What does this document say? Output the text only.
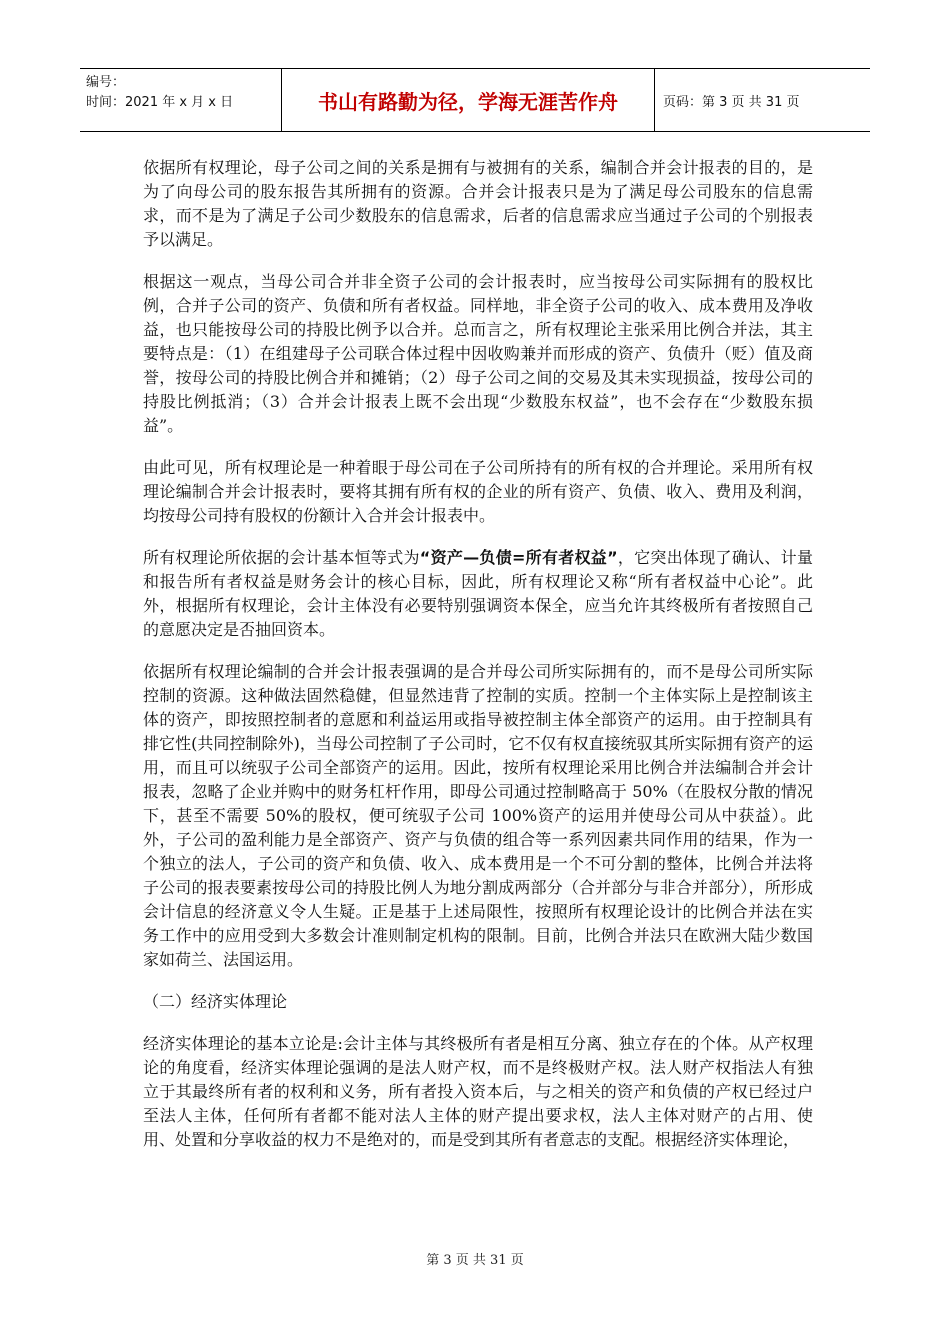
编号：
时间：2021 年 x 月 x 日	书山有路勤为径，学海无涯苦作舟	页码：第 3 页 共 31 页

依据所有权理论，母子公司之间的关系是拥有与被拥有的关系，编制合并会计报表的目的，是为了向母公司的股东报告其所拥有的资源。合并会计报表只是为了满足母公司股东的信息需求，而不是为了满足子公司少数股东的信息需求，后者的信息需求应当通过子公司的个别报表予以满足。

根据这一观点，当母公司合并非全资子公司的会计报表时，应当按母公司实际拥有的股权比例，合并子公司的资产、负债和所有者权益。同样地，非全资子公司的收入、成本费用及净收益，也只能按母公司的持股比例予以合并。总而言之，所有权理论主张采用比例合并法，其主要特点是：（1）在组建母子公司联合体过程中因收购兼并而形成的资产、负债升（贬）值及商誉，按母公司的持股比例合并和摊销；（2）母子公司之间的交易及其未实现损益，按母公司的持股比例抵消；（3）合并会计报表上既不会出现“少数股东权益”，也不会存在“少数股东损益”。

由此可见，所有权理论是一种着眼于母公司在子公司所持有的所有权的合并理论。采用所有权理论编制合并会计报表时，要将其拥有所有权的企业的所有资产、负债、收入、费用及利润，均按母公司持有股权的份额计入合并会计报表中。

所有权理论所依据的会计基本恒等式为“资产—负债=所有者权益”，它突出体现了确认、计量和报告所有者权益是财务会计的核心目标，因此，所有权理论又称“所有者权益中心论”。此外，根据所有权理论，会计主体没有必要特别强调资本保全，应当允许其终极所有者按照自己的意愿决定是否抽回资本。

依据所有权理论编制的合并会计报表强调的是合并母公司所实际拥有的，而不是母公司所实际控制的资源。这种做法固然稳健，但显然违背了控制的实质。控制一个主体实际上是控制该主体的资产，即按照控制者的意愿和利益运用或指导被控制主体全部资产的运用。由于控制具有排它性(共同控制除外)，当母公司控制了子公司时，它不仅有权直接统驭其所实际拥有资产的运用，而且可以统驭子公司全部资产的运用。因此，按所有权理论采用比例合并法编制合并会计报表，忽略了企业并购中的财务杠杆作用，即母公司通过控制略高于 50%（在股权分散的情况下，甚至不需要 50%的股权，便可统驭子公司 100%资产的运用并使母公司从中获益）。此外，子公司的盈利能力是全部资产、资产与负债的组合等一系列因素共同作用的结果，作为一个独立的法人，子公司的资产和负债、收入、成本费用是一个不可分割的整体，比例合并法将子公司的报表要素按母公司的持股比例人为地分割成两部分（合并部分与非合并部分），所形成会计信息的经济意义令人生疑。正是基于上述局限性，按照所有权理论设计的比例合并法在实务工作中的应用受到大多数会计准则制定机构的限制。目前，比例合并法只在欧洲大陆少数国家如荷兰、法国运用。

（二）经济实体理论

经济实体理论的基本立论是:会计主体与其终极所有者是相互分离、独立存在的个体。从产权理论的角度看，经济实体理论强调的是法人财产权，而不是终极财产权。法人财产权指法人有独立于其最终所有者的权利和义务，所有者投入资本后，与之相关的资产和负债的产权已经过户至法人主体，任何所有者都不能对法人主体的财产提出要求权，法人主体对财产的占用、使用、处置和分享收益的权力不是绝对的，而是受到其所有者意志的支配。根据经济实体理论，

第 3 页 共 31 页
